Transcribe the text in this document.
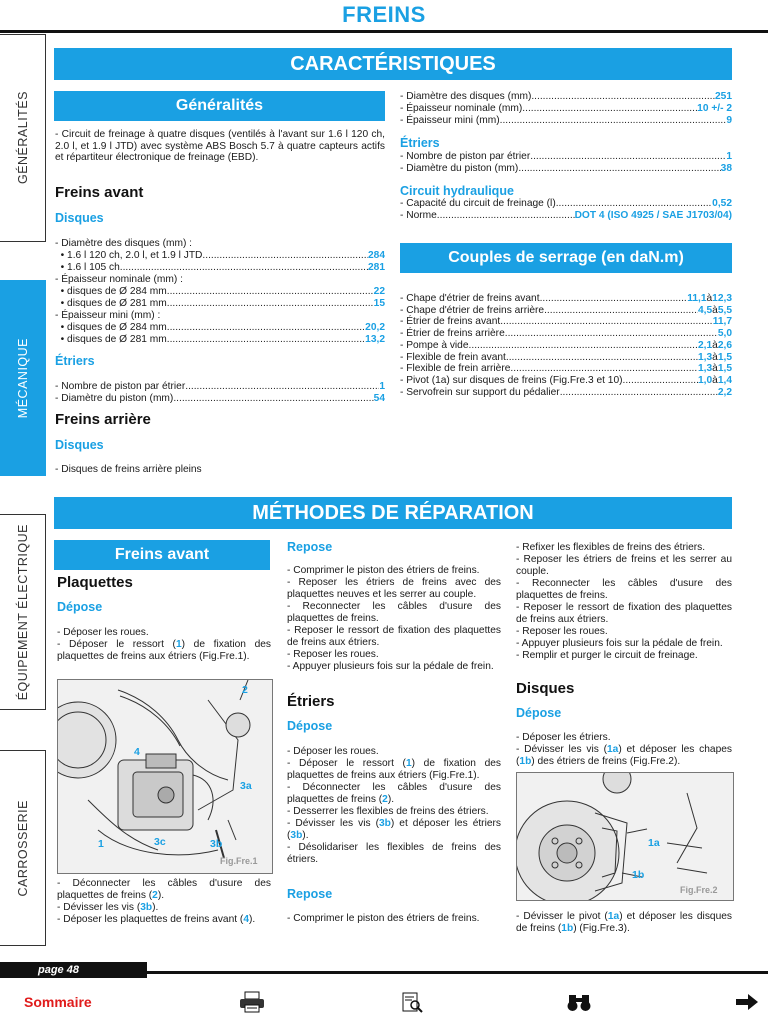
FREINS
GÉNÉRALITÉS
MÉCANIQUE
ÉQUIPEMENT ÉLECTRIQUE
CARROSSERIE
CARACTÉRISTIQUES
Généralités
- Circuit de freinage à quatre disques (ventilés à l'avant sur 1.6 l 120 ch, 2.0 l, et 1.9 l JTD) avec système ABS Bosch 5.7 à quatre capteurs actifs et répartiteur électronique de freinage (EBD).
Freins avant
Disques
- Diamètre des disques (mm) :
• 1.6 l 120 ch, 2.0 l, et 1.9 l JTD .....	284
• 1.6 l 105 ch .....	281
- Épaisseur nominale (mm) :
• disques de Ø 284 mm .....	22
• disques de Ø 281 mm .....	15
- Épaisseur mini (mm) :
• disques de Ø 284 mm .....	20,2
• disques de Ø 281 mm .....	13,2
Étriers
- Nombre de piston par étrier .....	1
- Diamètre du piston (mm) .....	54
Freins arrière
Disques
- Disques de freins arrière pleins
- Diamètre des disques (mm) .....	251
- Épaisseur nominale (mm) .....	10 +/- 2
- Épaisseur mini (mm) .....	9
Étriers
- Nombre de piston par étrier .....	1
- Diamètre du piston (mm) .....	38
Circuit hydraulique
- Capacité du circuit de freinage (l) .....	0,52
- Norme .....	DOT 4 (ISO 4925 / SAE J1703/04)
Couples de serrage (en daN.m)
- Chape d'étrier de freins avant .....	11,1 à 12,3
- Chape d'étrier de freins arrière .....	4,5 à 5,5
- Étrier de freins avant .....	11,7
- Étrier de freins arrière .....	5,0
- Pompe à vide .....	2,1 à 2,6
- Flexible de frein avant .....	1,3 à 1,5
- Flexible de frein arrière .....	1,3 à 1,5
- Pivot (1a) sur disques de freins (Fig.Fre.3 et 10) .....	1,0 à 1,4
- Servofrein sur support du pédalier .....	2,2
MÉTHODES DE RÉPARATION
Freins avant
Plaquettes
Dépose
- Déposer les roues.
- Déposer le ressort (1) de fixation des plaquettes de freins aux étriers (Fig.Fre.1).
2
4
3a
1	3c	3b
Fig.Fre.1
- Déconnecter les câbles d'usure des plaquettes de freins (2).
- Dévisser les vis (3b).
- Déposer les plaquettes de freins avant (4).
Repose
- Comprimer le piston des étriers de freins.
- Reposer les étriers de freins avec des plaquettes neuves et les serrer au couple.
- Reconnecter les câbles d'usure des plaquettes de freins.
- Reposer le ressort de fixation des plaquettes de freins aux étriers.
- Reposer les roues.
- Appuyer plusieurs fois sur la pédale de frein.
Étriers
Dépose
- Déposer les roues.
- Déposer le ressort (1) de fixation des plaquettes de freins aux étriers (Fig.Fre.1).
- Déconnecter les câbles d'usure des plaquettes de freins (2).
- Desserrer les flexibles de freins des étriers.
- Dévisser les vis (3b) et déposer les étriers (3b).
- Désolidariser les flexibles de freins des étriers.
Repose
- Comprimer le piston des étriers de freins.
- Refixer les flexibles de freins des étriers.
- Reposer les étriers de freins et les serrer au couple.
- Reconnecter les câbles d'usure des plaquettes de freins.
- Reposer le ressort de fixation des plaquettes de freins aux étriers.
- Reposer les roues.
- Appuyer plusieurs fois sur la pédale de frein.
- Remplir et purger le circuit de freinage.
Disques
Dépose
- Déposer les étriers.
- Dévisser les vis (1a) et déposer les chapes (1b) des étriers de freins (Fig.Fre.2).
1a
1b
Fig.Fre.2
- Dévisser le pivot (1a) et déposer les disques de freins (1b) (Fig.Fre.3).
page 48
Sommaire
